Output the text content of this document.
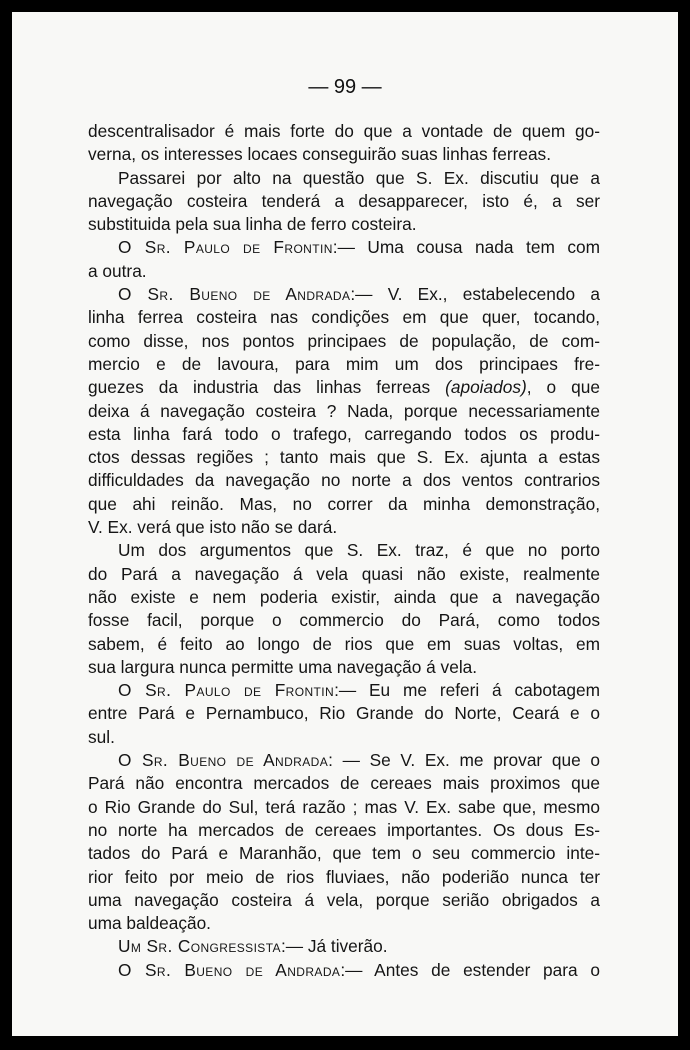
— 99 —
descentralisador é mais forte do que a vontade de quem go-
verna, os interesses locaes conseguirão suas linhas ferreas.
Passarei por alto na questão que S. Ex. discutiu que a
navegação costeira tenderá a desapparecer, isto é, a ser
substituida pela sua linha de ferro costeira.
O Sr. Paulo de Frontin:— Uma cousa nada tem com
a outra.
O Sr. Bueno de Andrada:— V. Ex., estabelecendo a
linha ferrea costeira nas condições em que quer, tocando,
como disse, nos pontos principaes de população, de com-
mercio e de lavoura, para mim um dos principaes fre-
guezes da industria das linhas ferreas (apoiados), o que
deixa á navegação costeira ? Nada, porque necessariamente
esta linha fará todo o trafego, carregando todos os produ-
ctos dessas regiões ; tanto mais que S. Ex. ajunta a estas
difficuldades da navegação no norte a dos ventos contrarios
que ahi reinão. Mas, no correr da minha demonstração,
V. Ex. verá que isto não se dará.
Um dos argumentos que S. Ex. traz, é que no porto
do Pará a navegação á vela quasi não existe, realmente
não existe e nem poderia existir, ainda que a navegação
fosse facil, porque o commercio do Pará, como todos
sabem, é feito ao longo de rios que em suas voltas, em
sua largura nunca permitte uma navegação á vela.
O Sr. Paulo de Frontin:— Eu me referi á cabotagem
entre Pará e Pernambuco, Rio Grande do Norte, Ceará e o
sul.
O Sr. Bueno de Andrada: — Se V. Ex. me provar que o
Pará não encontra mercados de cereaes mais proximos que
o Rio Grande do Sul, terá razão ; mas V. Ex. sabe que, mesmo
no norte ha mercados de cereaes importantes. Os dous Es-
tados do Pará e Maranhão, que tem o seu commercio inte-
rior feito por meio de rios fluviaes, não poderião nunca ter
uma navegação costeira á vela, porque serião obrigados a
uma baldeação.
Um Sr. Congressista:— Já tiverão.
O Sr. Bueno de Andrada:— Antes de estender para o
